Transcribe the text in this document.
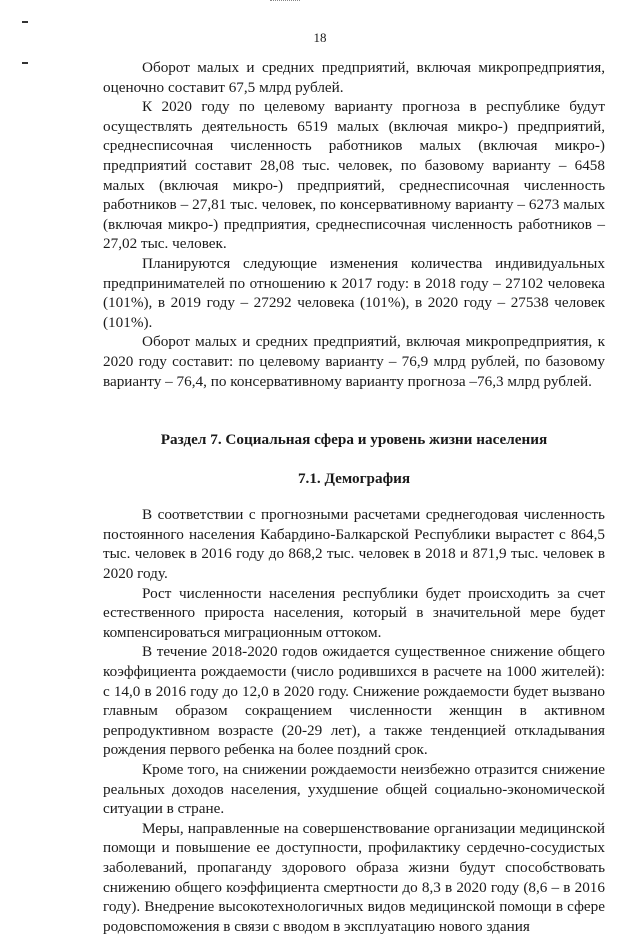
18

Оборот малых и средних предприятий, включая микропредприятия, оценочно составит 67,5 млрд рублей.

К 2020 году по целевому варианту прогноза в республике будут осуществлять деятельность 6519 малых (включая микро-) предприятий, среднесписочная численность работников малых (включая микро-) предприятий составит 28,08 тыс. человек, по базовому варианту – 6458 малых (включая микро-) предприятий, среднесписочная численность работников – 27,81 тыс. человек, по консервативному варианту – 6273 малых (включая микро-) предприятия, среднесписочная численность работников – 27,02 тыс. человек.

Планируются следующие изменения количества индивидуальных предпринимателей по отношению к 2017 году: в 2018 году – 27102 человека (101%), в 2019 году – 27292 человека (101%), в 2020 году – 27538 человек (101%).

Оборот малых и средних предприятий, включая микропредприятия, к 2020 году составит: по целевому варианту – 76,9 млрд рублей, по базовому варианту – 76,4, по консервативному варианту прогноза –76,3 млрд рублей.

Раздел 7. Социальная сфера и уровень жизни населения

7.1. Демография

В соответствии с прогнозными расчетами среднегодовая численность постоянного населения Кабардино-Балкарской Республики вырастет с 864,5 тыс. человек в 2016 году до 868,2 тыс. человек в 2018 и 871,9 тыс. человек в 2020 году.

Рост численности населения республики будет происходить за счет естественного прироста населения, который в значительной мере будет компенсироваться миграционным оттоком.

В течение 2018-2020 годов ожидается существенное снижение общего коэффициента рождаемости (число родившихся в расчете на 1000 жителей): с 14,0 в 2016 году до 12,0 в 2020 году. Снижение рождаемости будет вызвано главным образом сокращением численности женщин в активном репродуктивном возрасте (20-29 лет), а также тенденцией откладывания рождения первого ребенка на более поздний срок.

Кроме того, на снижении рождаемости неизбежно отразится снижение реальных доходов населения, ухудшение общей социально-экономической ситуации в стране.

Меры, направленные на совершенствование организации медицинской помощи и повышение ее доступности, профилактику сердечно-сосудистых заболеваний, пропаганду здорового образа жизни будут способствовать снижению общего коэффициента смертности до 8,3 в 2020 году (8,6 – в 2016 году). Внедрение высокотехнологичных видов медицинской помощи в сфере родовспоможения в связи с вводом в эксплуатацию нового здания
